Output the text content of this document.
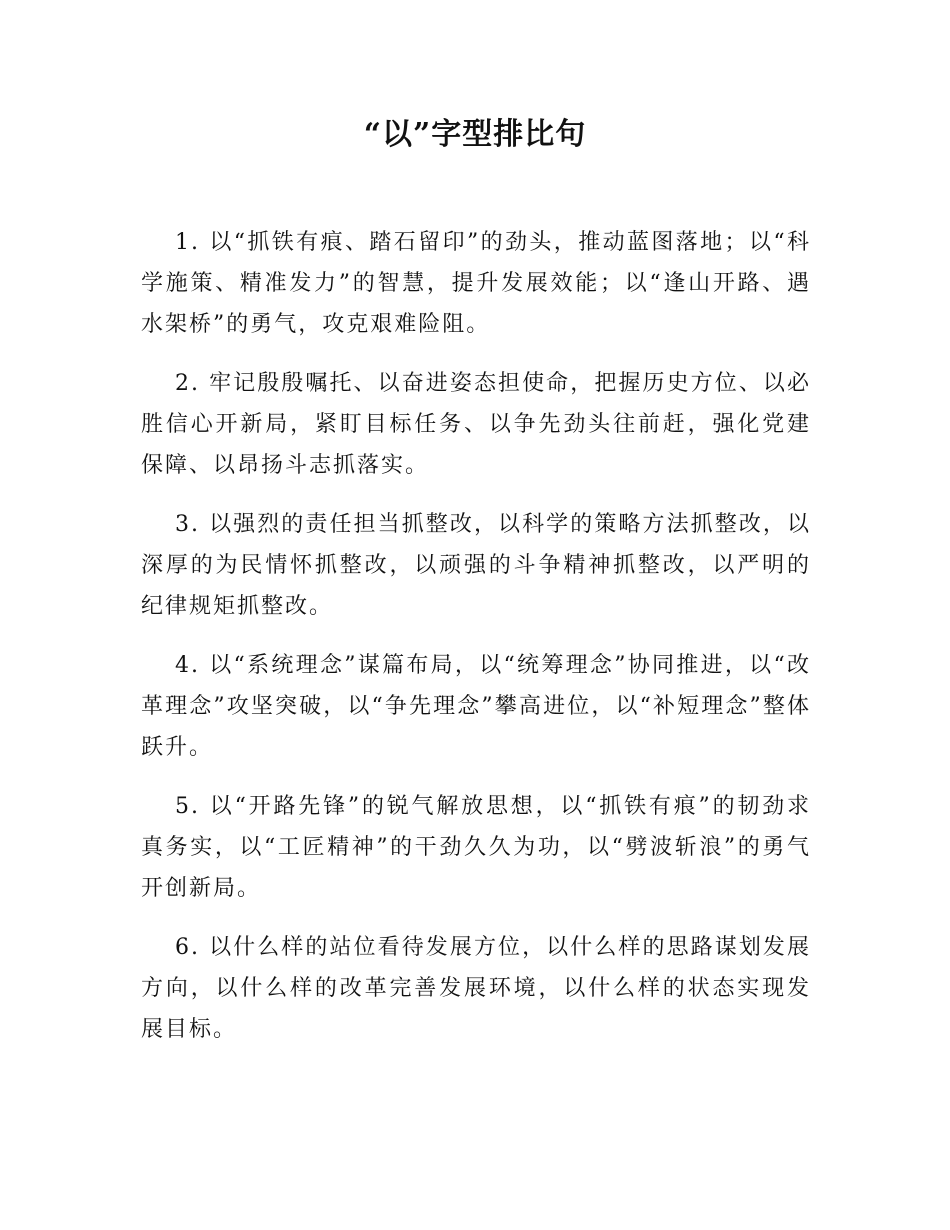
“以”字型排比句

1. 以“抓铁有痕、踏石留印”的劲头，推动蓝图落地；以“科学施策、精准发力”的智慧，提升发展效能；以“逢山开路、遇水架桥”的勇气，攻克艰难险阻。

2. 牢记殷殷嘱托、以奋进姿态担使命，把握历史方位、以必胜信心开新局，紧盯目标任务、以争先劲头往前赶，强化党建保障、以昂扬斗志抓落实。

3. 以强烈的责任担当抓整改，以科学的策略方法抓整改，以深厚的为民情怀抓整改，以顽强的斗争精神抓整改，以严明的纪律规矩抓整改。

4. 以“系统理念”谋篇布局，以“统筹理念”协同推进，以“改革理念”攻坚突破，以“争先理念”攀高进位，以“补短理念”整体跃升。

5. 以“开路先锋”的锐气解放思想，以“抓铁有痕”的韧劲求真务实，以“工匠精神”的干劲久久为功，以“劈波斩浪”的勇气开创新局。

6. 以什么样的站位看待发展方位，以什么样的思路谋划发展方向，以什么样的改革完善发展环境，以什么样的状态实现发展目标。
